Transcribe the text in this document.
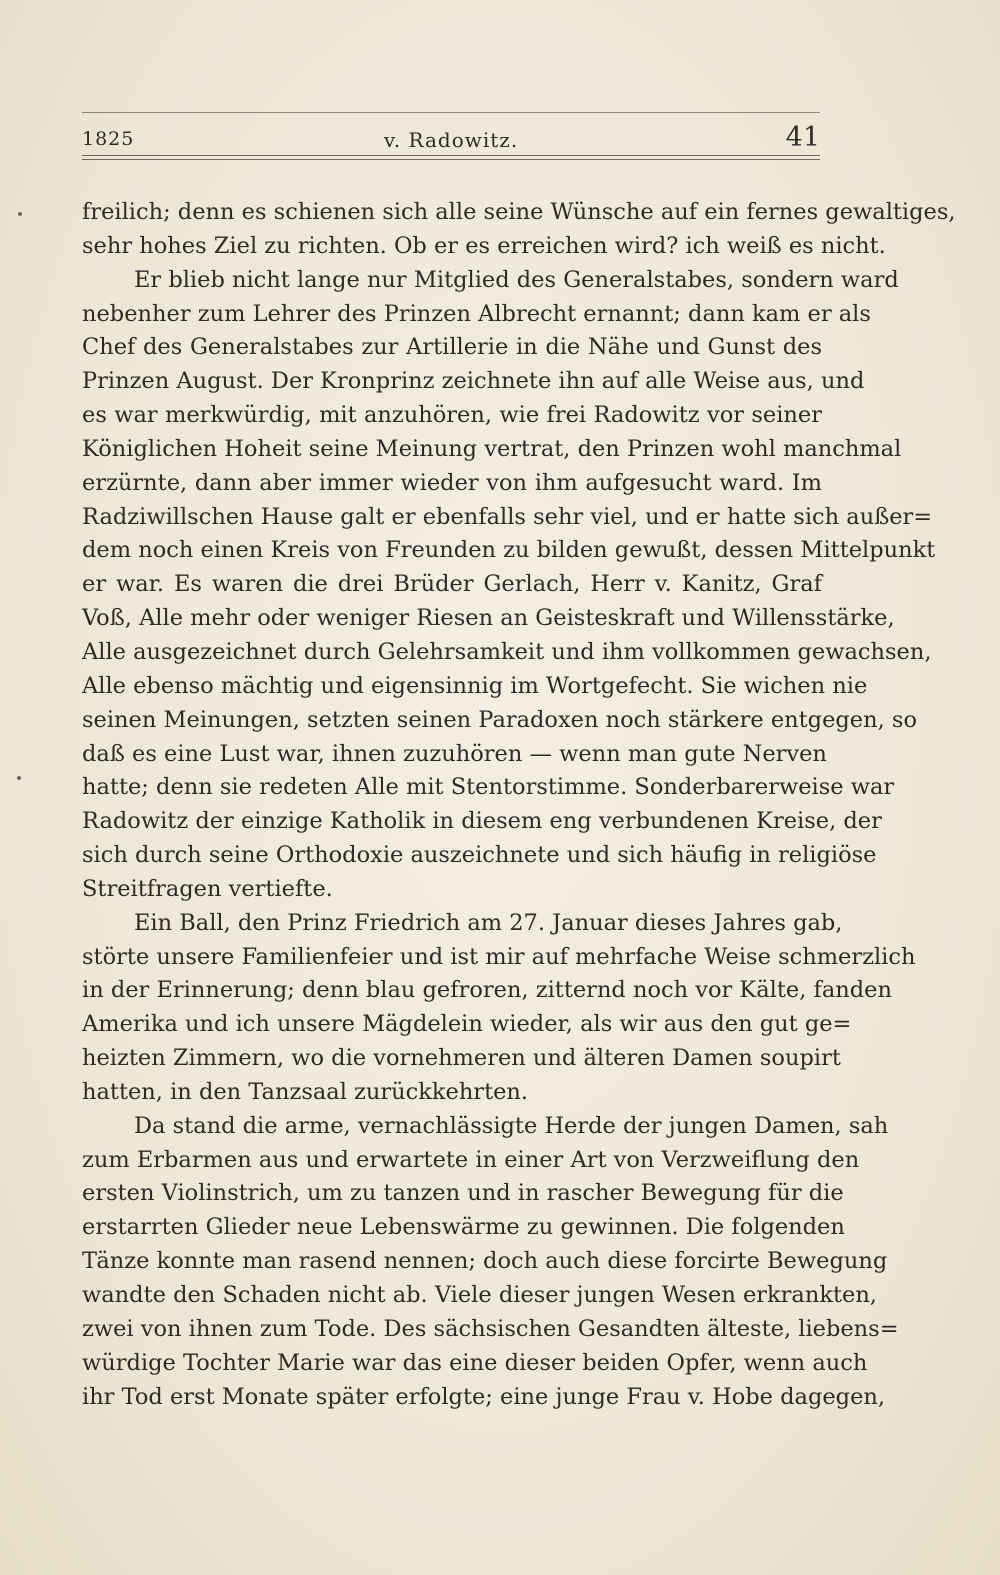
1825	v. Radowitz.	41
freilich; denn es schienen sich alle seine Wünsche auf ein fernes gewaltiges,
sehr hohes Ziel zu richten. Ob er es erreichen wird? ich weiß es nicht.
Er blieb nicht lange nur Mitglied des Generalstabes, sondern ward
nebenher zum Lehrer des Prinzen Albrecht ernannt; dann kam er als
Chef des Generalstabes zur Artillerie in die Nähe und Gunst des
Prinzen August. Der Kronprinz zeichnete ihn auf alle Weise aus, und
es war merkwürdig, mit anzuhören, wie frei Radowitz vor seiner
Königlichen Hoheit seine Meinung vertrat, den Prinzen wohl manchmal
erzürnte, dann aber immer wieder von ihm aufgesucht ward. Im
Radziwillschen Hause galt er ebenfalls sehr viel, und er hatte sich außer=
dem noch einen Kreis von Freunden zu bilden gewußt, dessen Mittelpunkt
er war. Es waren die drei Brüder Gerlach, Herr v. Kanitz, Graf
Voß, Alle mehr oder weniger Riesen an Geisteskraft und Willensstärke,
Alle ausgezeichnet durch Gelehrsamkeit und ihm vollkommen gewachsen,
Alle ebenso mächtig und eigensinnig im Wortgefecht. Sie wichen nie
seinen Meinungen, setzten seinen Paradoxen noch stärkere entgegen, so
daß es eine Lust war, ihnen zuzuhören — wenn man gute Nerven
hatte; denn sie redeten Alle mit Stentorstimme. Sonderbarerweise war
Radowitz der einzige Katholik in diesem eng verbundenen Kreise, der
sich durch seine Orthodoxie auszeichnete und sich häufig in religiöse
Streitfragen vertiefte.
Ein Ball, den Prinz Friedrich am 27. Januar dieses Jahres gab,
störte unsere Familienfeier und ist mir auf mehrfache Weise schmerzlich
in der Erinnerung; denn blau gefroren, zitternd noch vor Kälte, fanden
Amerika und ich unsere Mägdelein wieder, als wir aus den gut ge=
heizten Zimmern, wo die vornehmeren und älteren Damen soupirt
hatten, in den Tanzsaal zurückkehrten.
Da stand die arme, vernachlässigte Herde der jungen Damen, sah
zum Erbarmen aus und erwartete in einer Art von Verzweiflung den
ersten Violinstrich, um zu tanzen und in rascher Bewegung für die
erstarrten Glieder neue Lebenswärme zu gewinnen. Die folgenden
Tänze konnte man rasend nennen; doch auch diese forcirte Bewegung
wandte den Schaden nicht ab. Viele dieser jungen Wesen erkrankten,
zwei von ihnen zum Tode. Des sächsischen Gesandten älteste, liebens=
würdige Tochter Marie war das eine dieser beiden Opfer, wenn auch
ihr Tod erst Monate später erfolgte; eine junge Frau v. Hobe dagegen,
